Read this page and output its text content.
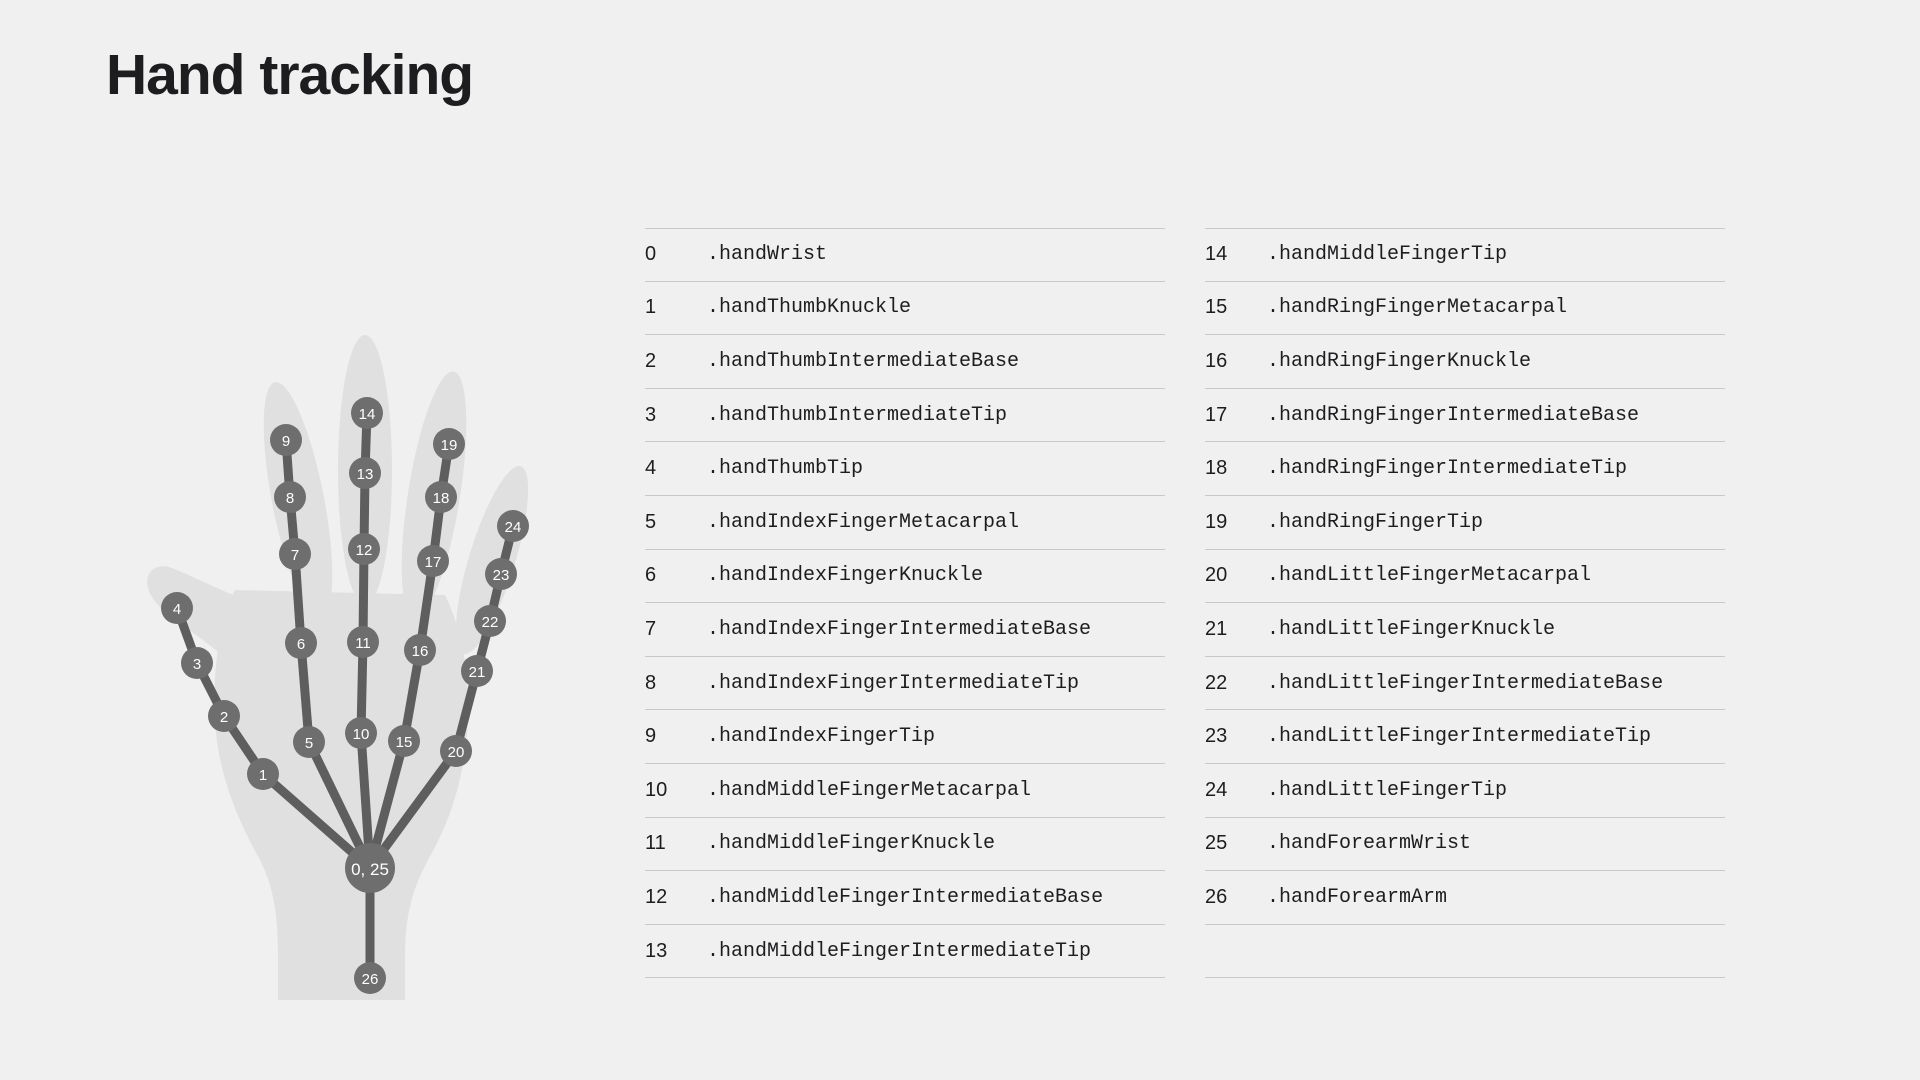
Hand tracking
0, 25
26
1
2
3
4
5
6
7
8
9
10
11
12
13
14
15
16
17
18
19
20
21
22
23
24
0	.handWrist
1	.handThumbKnuckle
2	.handThumbIntermediateBase
3	.handThumbIntermediateTip
4	.handThumbTip
5	.handIndexFingerMetacarpal
6	.handIndexFingerKnuckle
7	.handIndexFingerIntermediateBase
8	.handIndexFingerIntermediateTip
9	.handIndexFingerTip
10	.handMiddleFingerMetacarpal
11	.handMiddleFingerKnuckle
12	.handMiddleFingerIntermediateBase
13	.handMiddleFingerIntermediateTip
14	.handMiddleFingerTip
15	.handRingFingerMetacarpal
16	.handRingFingerKnuckle
17	.handRingFingerIntermediateBase
18	.handRingFingerIntermediateTip
19	.handRingFingerTip
20	.handLittleFingerMetacarpal
21	.handLittleFingerKnuckle
22	.handLittleFingerIntermediateBase
23	.handLittleFingerIntermediateTip
24	.handLittleFingerTip
25	.handForearmWrist
26	.handForearmArm
